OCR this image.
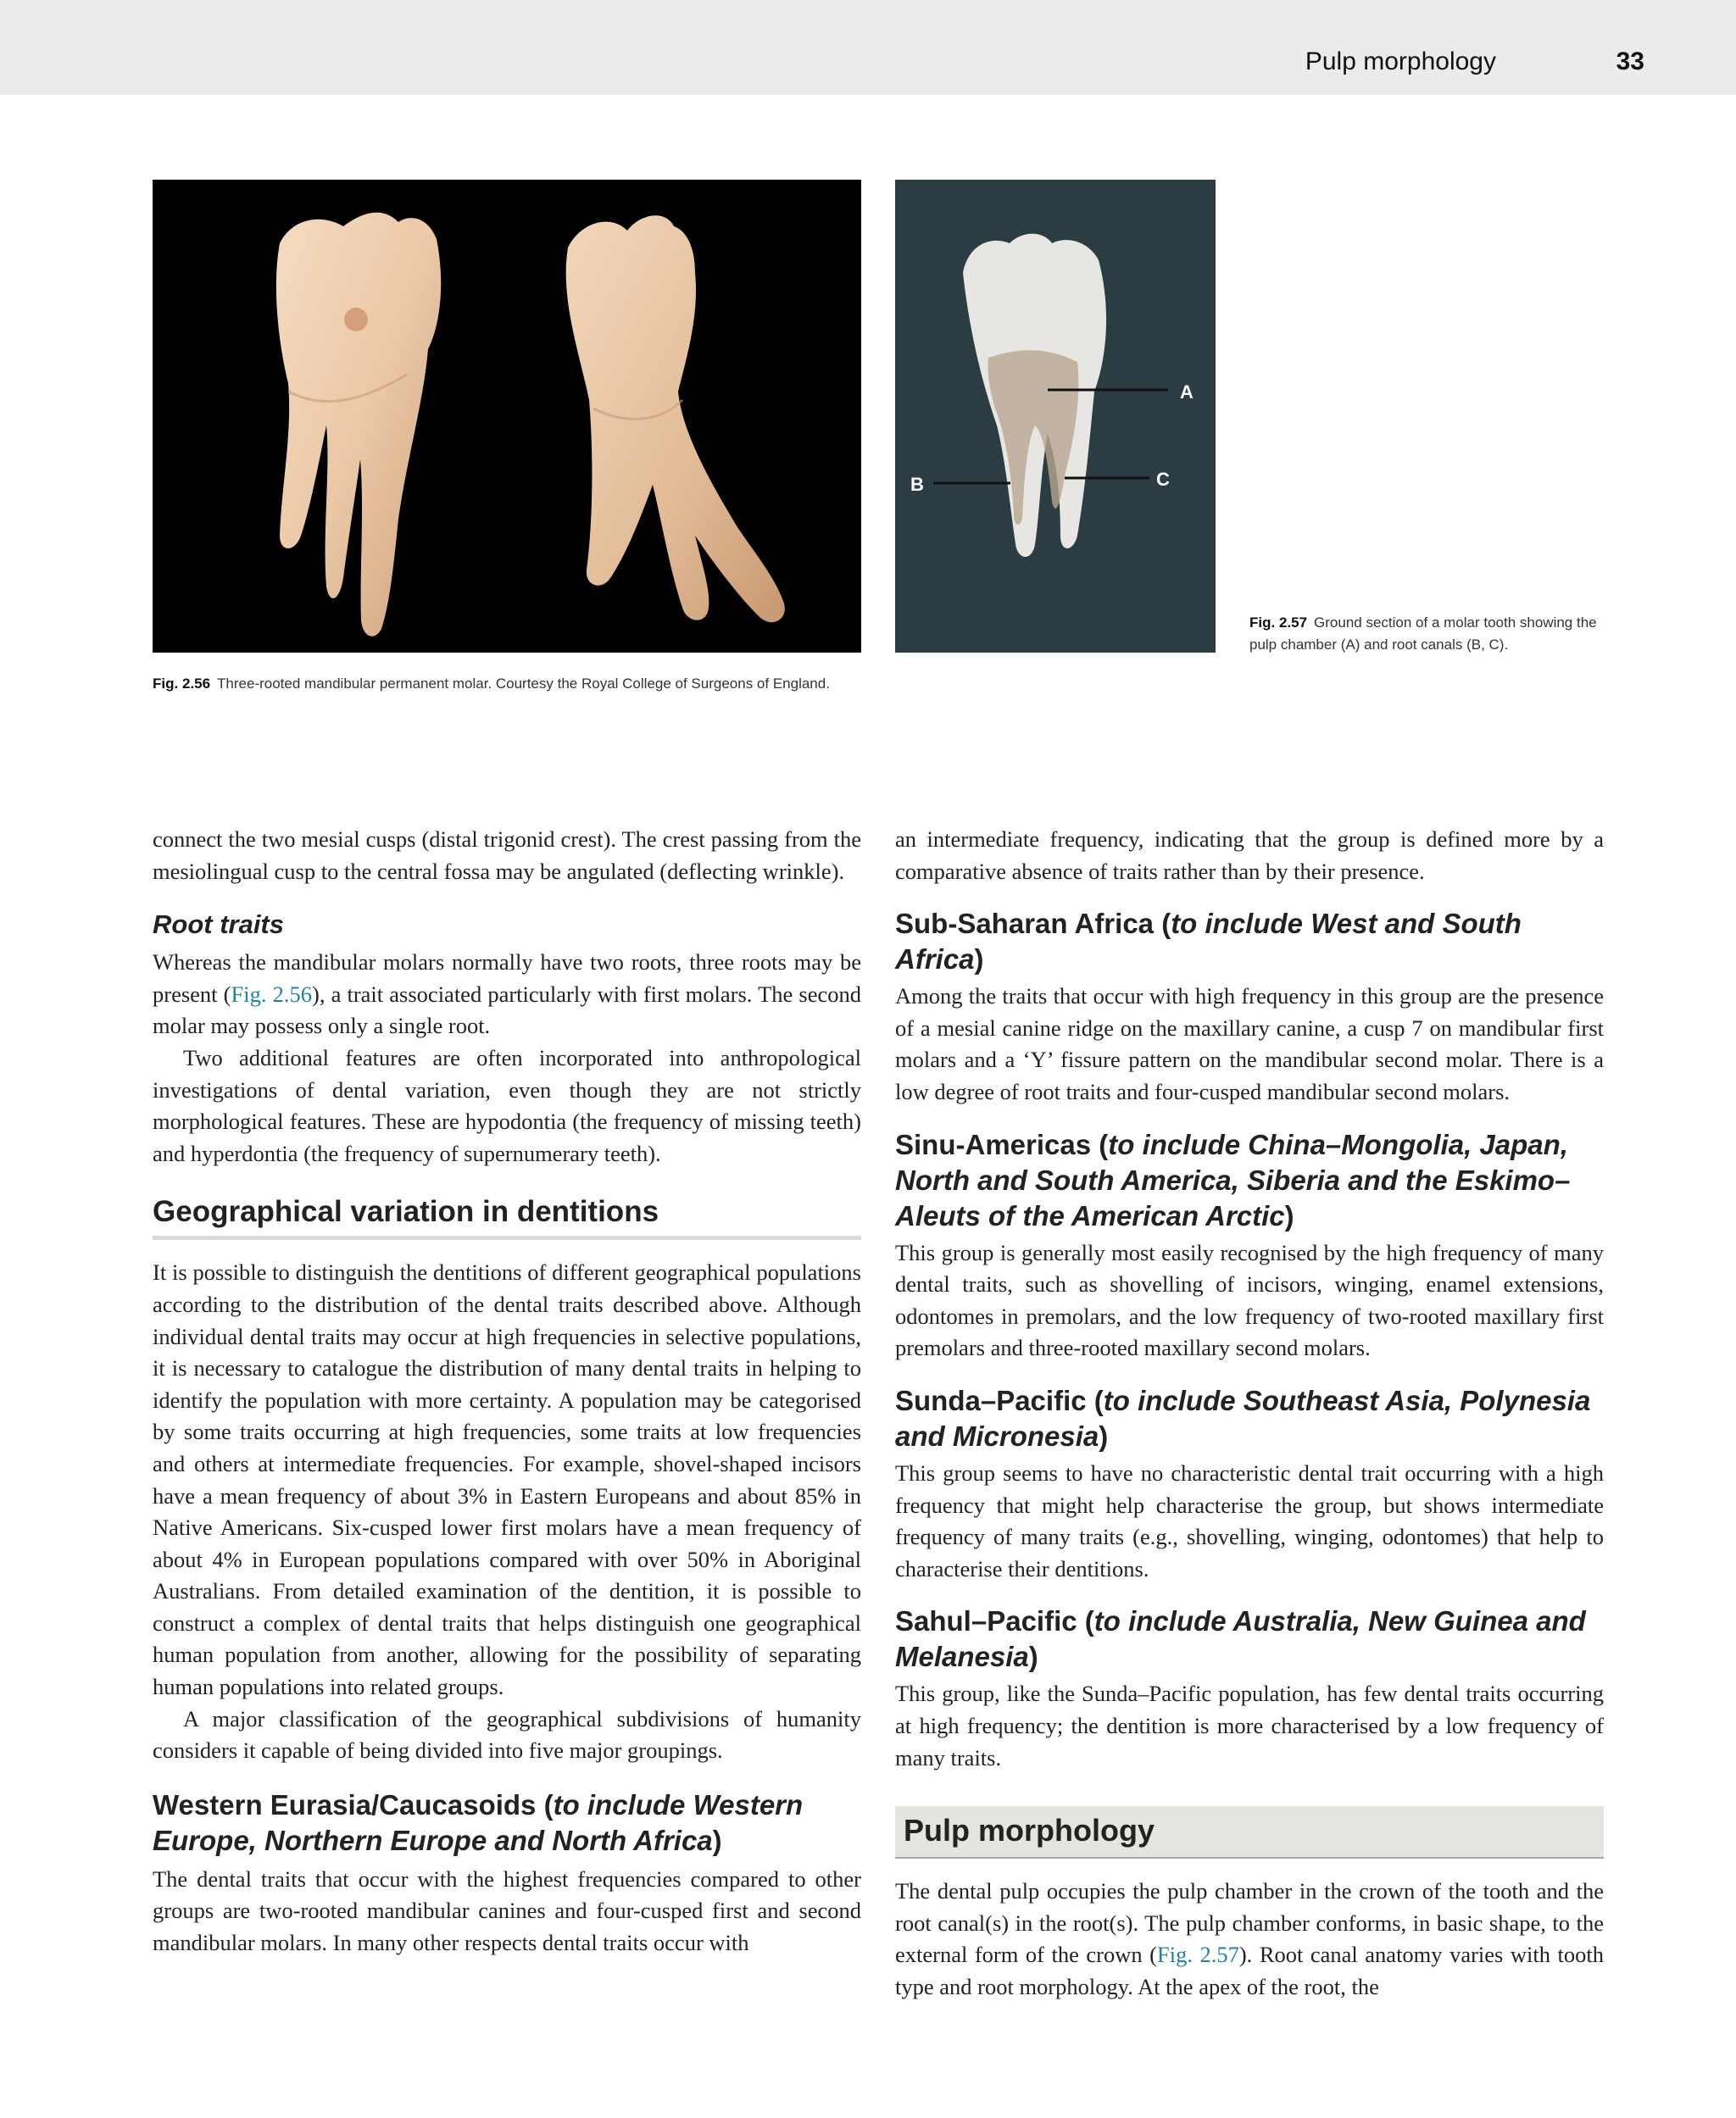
Pulp morphology	33
Fig. 2.56 Three-rooted mandibular permanent molar. Courtesy the Royal College of Surgeons of England.
A
B	C
Fig. 2.57 Ground section of a molar tooth showing the pulp chamber (A) and root canals (B, C).

connect the two mesial cusps (distal trigonid crest). The crest passing from the mesiolingual cusp to the central fossa may be angulated (deflecting wrinkle).

Root traits

Whereas the mandibular molars normally have two roots, three roots may be present (Fig. 2.56), a trait associated particularly with first molars. The second molar may possess only a single root.

Two additional features are often incorporated into anthropological investigations of dental variation, even though they are not strictly morphological features. These are hypodontia (the frequency of missing teeth) and hyperdontia (the frequency of supernumerary teeth).

Geographical variation in dentitions

It is possible to distinguish the dentitions of different geographical populations according to the distribution of the dental traits described above. Although individual dental traits may occur at high frequencies in selective populations, it is necessary to catalogue the distribution of many dental traits in helping to identify the population with more certainty. A population may be categorised by some traits occurring at high frequencies, some traits at low frequencies and others at intermediate frequencies. For example, shovel-shaped incisors have a mean frequency of about 3% in Eastern Europeans and about 85% in Native Americans. Six-cusped lower first molars have a mean frequency of about 4% in European populations compared with over 50% in Aboriginal Australians. From detailed examination of the dentition, it is possible to construct a complex of dental traits that helps distinguish one geographical human population from another, allowing for the possibility of separating human populations into related groups.

A major classification of the geographical subdivisions of humanity considers it capable of being divided into five major groupings.

Western Eurasia/Caucasoids (to include Western Europe, Northern Europe and North Africa)

The dental traits that occur with the highest frequencies compared to other groups are two-rooted mandibular canines and four-cusped first and second mandibular molars. In many other respects dental traits occur with

an intermediate frequency, indicating that the group is defined more by a comparative absence of traits rather than by their presence.

Sub-Saharan Africa (to include West and South Africa)

Among the traits that occur with high frequency in this group are the presence of a mesial canine ridge on the maxillary canine, a cusp 7 on mandibular first molars and a ‘Y’ fissure pattern on the mandibular second molar. There is a low degree of root traits and four-cusped mandibular second molars.

Sinu-Americas (to include China–Mongolia, Japan, North and South America, Siberia and the Eskimo–Aleuts of the American Arctic)

This group is generally most easily recognised by the high frequency of many dental traits, such as shovelling of incisors, winging, enamel extensions, odontomes in premolars, and the low frequency of two-rooted maxillary first premolars and three-rooted maxillary second molars.

Sunda–Pacific (to include Southeast Asia, Polynesia and Micronesia)

This group seems to have no characteristic dental trait occurring with a high frequency that might help characterise the group, but shows intermediate frequency of many traits (e.g., shovelling, winging, odontomes) that help to characterise their dentitions.

Sahul–Pacific (to include Australia, New Guinea and Melanesia)

This group, like the Sunda–Pacific population, has few dental traits occurring at high frequency; the dentition is more characterised by a low frequency of many traits.

Pulp morphology

The dental pulp occupies the pulp chamber in the crown of the tooth and the root canal(s) in the root(s). The pulp chamber conforms, in basic shape, to the external form of the crown (Fig. 2.57). Root canal anatomy varies with tooth type and root morphology. At the apex of the root, the
